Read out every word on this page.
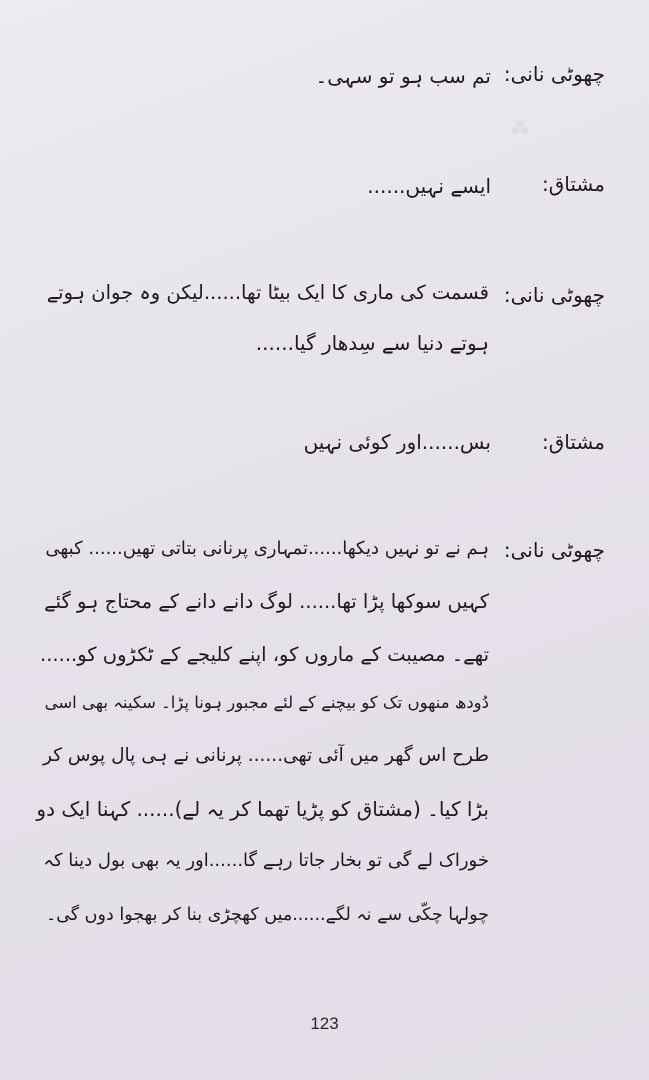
⁂
چھوٹی نانی:
تم سب ہو تو سہی۔
مشتاق:
ایسے نہیں......
چھوٹی نانی:
قسمت کی ماری کا ایک بیٹا تھا......لیکن وہ جوان ہوتے
ہوتے دنیا سے سِدھار گیا......
مشتاق:
بس......اور کوئی نہیں
چھوٹی نانی:
ہم نے تو نہیں دیکھا......تمہاری پرنانی بتاتی تھیں...... کبھی
کہیں سوکھا پڑا تھا...... لوگ دانے دانے کے محتاج ہو گئے
تھے۔ مصیبت کے ماروں کو، اپنے کلیجے کے ٹکڑوں کو......
دُودھ منھوں تک کو بیچنے کے لئے مجبور ہونا پڑا۔ سکینہ بھی اسی
طرح اس گھر میں آئی تھی...... پرنانی نے ہی پال پوس کر
بڑا کیا۔ (مشتاق کو پڑیا تھما کر یہ لے)...... کہنا ایک دو
خوراک لے گی تو بخار جاتا رہے گا......اور یہ بھی بول دینا کہ
چولہا چکّی سے نہ لگے......میں کھچڑی بنا کر بھجوا دوں گی۔
123
